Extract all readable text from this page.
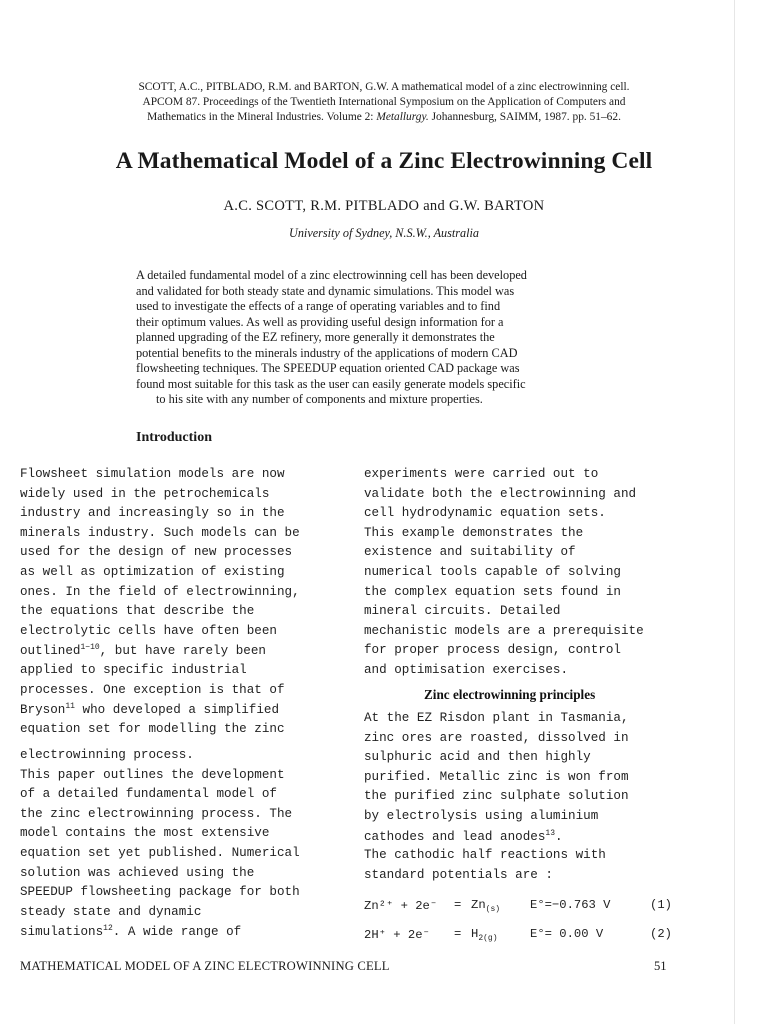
SCOTT, A.C., PITBLADO, R.M. and BARTON, G.W. A mathematical model of a zinc electrowinning cell.
APCOM 87. Proceedings of the Twentieth International Symposium on the Application of Computers and
Mathematics in the Mineral Industries. Volume 2: Metallurgy. Johannesburg, SAIMM, 1987. pp. 51–62.
A Mathematical Model of a Zinc Electrowinning Cell
A.C. SCOTT, R.M. PITBLADO and G.W. BARTON
University of Sydney, N.S.W., Australia
A detailed fundamental model of a zinc electrowinning cell has been developed
and validated for both steady state and dynamic simulations. This model was
used to investigate the effects of a range of operating variables and to find
their optimum values. As well as providing useful design information for a
planned upgrading of the EZ refinery, more generally it demonstrates the
potential benefits to the minerals industry of the applications of modern CAD
flowsheeting techniques. The SPEEDUP equation oriented CAD package was
found most suitable for this task as the user can easily generate models specific
to his site with any number of components and mixture properties.
Introduction
Flowsheet simulation models are now
widely used in the petrochemicals
industry and increasingly so in the
minerals industry. Such models can be
used for the design of new processes
as well as optimization of existing
ones. In the field of electrowinning,
the equations that describe the
electrolytic cells have often been
outlined$^{1-10}$, but have rarely been
applied to specific industrial
processes. One exception is that of
Bryson$^{11}$ who developed a simplified
equation set for modelling the zinc
electrowinning process.
This paper outlines the development
of a detailed fundamental model of
the zinc electrowinning process. The
model contains the most extensive
equation set yet published. Numerical
solution was achieved using the
SPEEDUP flowsheeting package for both
steady state and dynamic
simulations$^{12}$. A wide range of
experiments were carried out to
validate both the electrowinning and
cell hydrodynamic equation sets.
This example demonstrates the
existence and suitability of
numerical tools capable of solving
the complex equation sets found in
mineral circuits. Detailed
mechanistic models are a prerequisite
for proper process design, control
and optimisation exercises.
Zinc electrowinning principles
At the EZ Risdon plant in Tasmania,
zinc ores are roasted, dissolved in
sulphuric acid and then highly
purified. Metallic zinc is won from
the purified zinc sulphate solution
by electrolysis using aluminium
cathodes and lead anodes$^{13}$.
The cathodic half reactions with
standard potentials are :
$Zn^{2+} + 2e^- = Zn_{(s)}$ E°=−0.763 V	(1)
$2H^+ + 2e^- = H_{2(g)}$	E°= 0.00 V	(2)
MATHEMATICAL MODEL OF A ZINC ELECTROWINNING CELL	51
